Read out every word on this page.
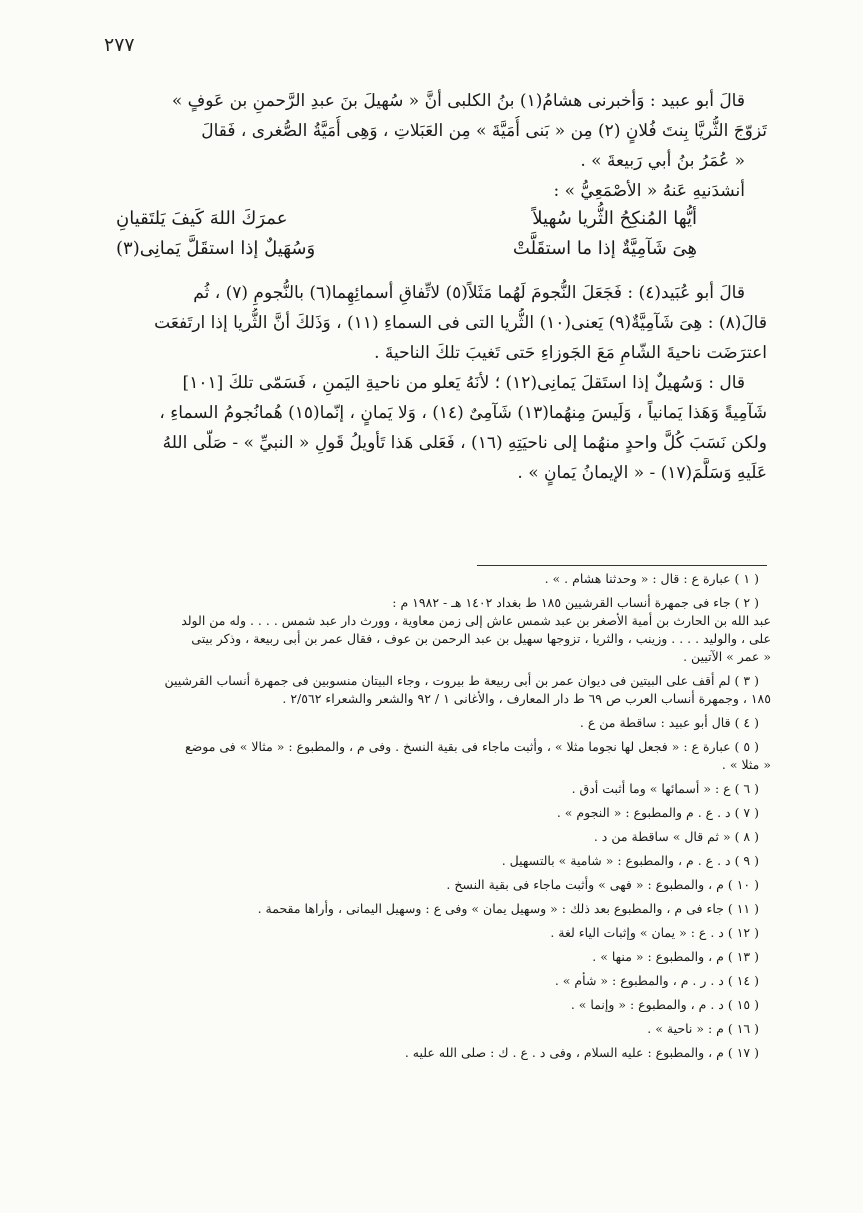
٢٧٧
قالَ أبو عبيد : وَأخبرنى هشامُ(١) بنُ الكلبى أنَّ « سُهيلَ بنَ عبدِ الرَّحمنِ بن عَوفٍ »
تَزوّجَ الثُّريَّا بِنتَ فُلانٍ (٢) مِن « بَنى أُمَيَّةَ » مِن العَبَلاتِ ، وَهِى أُمَيَّةُ الصُّغرى ، فَقالَ
« عُمَرُ بنُ أبي رَبيعةَ » .
أنشدَنيهِ عَنهُ « الأصْمَعِيُّ » :
أيُّها المُنكِحُ الثُّريا سُهيلاً
عمرَكَ اللهَ كَيفَ يَلتَقيانِ
هِىَ شَآمِيَّةٌ إذا ما استقَلَّتْ
وَسُهَيلٌ إذا استقَلَّ يَمانِى(٣)
قالَ أبو عُبَيد(٤) : فَجَعَلَ النُّجومَ لَهُما مَثَلاً(٥) لاتِّفاقِ أسمائِهِما(٦) بالنُّجومِ (٧) ، ثُم
قالَ(٨) : هِىَ شَآمِيَّةٌ(٩) يَعنى(١٠) الثُّريا التى فى السماءِ (١١) ، وَذَلكَ أنَّ الثُّريا إذا ارتَفعَت
اعترَضَت ناحيةَ الشّامِ مَعَ الجَوزاءِ حَتى تَغيبَ تلكَ الناحيةَ .
قال : وَسُهيلٌ إذا استَقلَ يَمانِى(١٢) ؛ لأنَهُ يَعلو من ناحيةِ اليَمنِ ، فَسَمّى تلكَ [١٠١]
شَآمِيةً وَهَذا يَمانياً ، وَلَيسَ مِنهُما(١٣) شَآمِىٌ (١٤) ، وَلا يَمانٍ ، إنّما(١٥) هُمانُجومُ السماءِ ،
ولكن نَسَبَ كُلَّ واحدٍ منهُما إلى ناحيَتِهِ (١٦) ، فَعَلى هَذا تَأويلُ قَولِ « النبيِّ » - صَلّى اللهُ
عَلَيهِ وَسَلَّمَ(١٧) - « الإيمانُ يَمانٍ » .
( ١ ) عبارة ع : قال : « وحدثنا هشام . » .
( ٢ ) جاء فى جمهرة أنساب القرشيين ١٨٥ ط بغداد ١٤٠٢ هـ - ١٩٨٢ م :
عبد الله بن الحارث بن أمية الأصغر بن عبد شمس عاش إلى زمن معاوية ، وورث دار عبد شمس . . . . وله من الولد
على ، والوليد . . . . وزينب ، والثريا ، تزوجها سهيل بن عبد الرحمن بن عوف ، فقال عمر بن أبى ربيعة ، وذكر بيتى
« عمر » الآتيين .
( ٣ ) لم أقف على البيتين فى ديوان عمر بن أبى ربيعة ط بيروت ، وجاء البيتان منسوبين فى جمهرة أنساب القرشيين
١٨٥ ، وجمهرة أنساب العرب ص ٦٩ ط دار المعارف ، والأغانى ١ / ٩٢ والشعر والشعراء ٢/٥٦٢ .
( ٤ ) قال أبو عبيد : ساقطة من ع .
( ٥ ) عبارة ع : « فجعل لها نجوما مثلا » ، وأثبت ماجاء فى بقية النسخ . وفى م ، والمطبوع : « مثالا » فى موضع
« مثلا » .
( ٦ ) ع : « أسمائها » وما أثبت أدق .
( ٧ ) د . ع . م والمطبوع : « النجوم » .
( ٨ ) « ثم قال » ساقطة من د .
( ٩ ) د . ع . م ، والمطبوع : « شامية » بالتسهيل .
( ١٠ ) م ، والمطبوع : « فهى » وأثبت ماجاء فى بقية النسخ .
( ١١ ) جاء فى م ، والمطبوع بعد ذلك : « وسهيل يمان » وفى ع : وسهيل اليمانى ، وأراها مقحمة .
( ١٢ ) د . ع : « يمان » وإثبات الياء لغة .
( ١٣ ) م ، والمطبوع : « منها » .
( ١٤ ) د . ر . م ، والمطبوع : « شأم » .
( ١٥ ) د . م ، والمطبوع : « وإنما » .
( ١٦ ) م : « ناحية » .
( ١٧ ) م ، والمطبوع : عليه السلام ، وفى د . ع . ك : صلى الله عليه .
